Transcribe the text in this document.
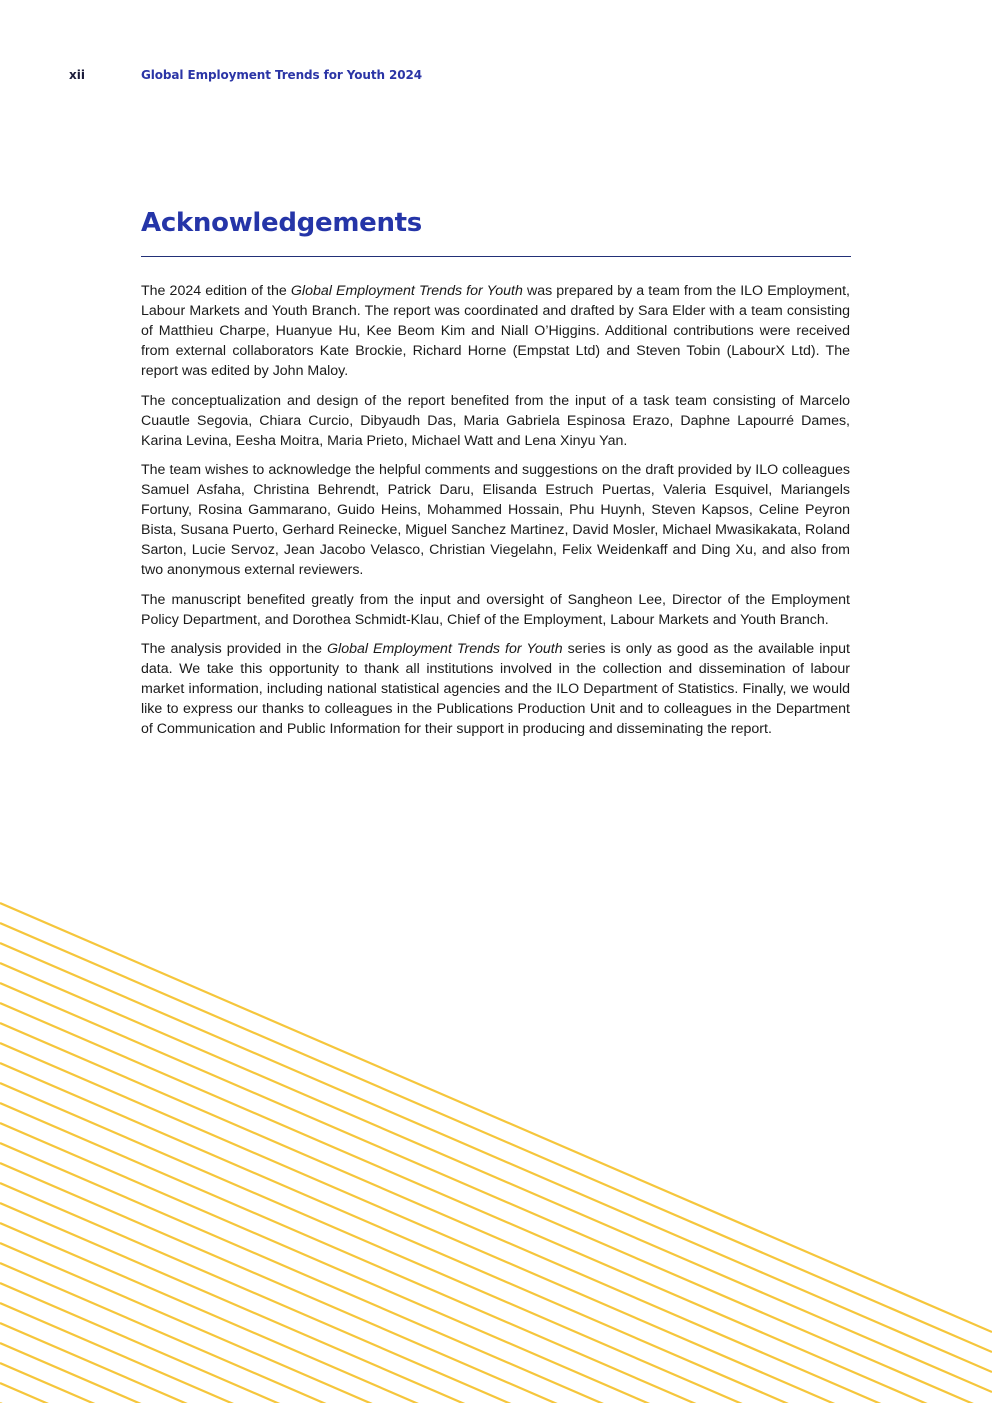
xii	Global Employment Trends for Youth 2024
Acknowledgements

The 2024 edition of the Global Employment Trends for Youth was prepared by a team from the ILO Employment, Labour Markets and Youth Branch. The report was coordinated and drafted by Sara Elder with a team consisting of Matthieu Charpe, Huanyue Hu, Kee Beom Kim and Niall O’Higgins. Additional contributions were received from external collaborators Kate Brockie, Richard Horne (Empstat Ltd) and Steven Tobin (LabourX Ltd). The report was edited by John Maloy.

The conceptualization and design of the report benefited from the input of a task team consisting of Marcelo Cuautle Segovia, Chiara Curcio, Dibyaudh Das, Maria Gabriela Espinosa Erazo, Daphne Lapourré Dames, Karina Levina, Eesha Moitra, Maria Prieto, Michael Watt and Lena Xinyu Yan.

The team wishes to acknowledge the helpful comments and suggestions on the draft provided by ILO colleagues Samuel Asfaha, Christina Behrendt, Patrick Daru, Elisanda Estruch Puertas, Valeria Esquivel, Mariangels Fortuny, Rosina Gammarano, Guido Heins, Mohammed Hossain, Phu Huynh, Steven Kapsos, Celine Peyron Bista, Susana Puerto, Gerhard Reinecke, Miguel Sanchez Martinez, David Mosler, Michael Mwasikakata, Roland Sarton, Lucie Servoz, Jean Jacobo Velasco, Christian Viegelahn, Felix Weidenkaff and Ding Xu, and also from two anonymous external reviewers.

The manuscript benefited greatly from the input and oversight of Sangheon Lee, Director of the Employment Policy Department, and Dorothea Schmidt-Klau, Chief of the Employment, Labour Markets and Youth Branch.

The analysis provided in the Global Employment Trends for Youth series is only as good as the available input data. We take this opportunity to thank all institutions involved in the collection and dissemination of labour market information, including national statistical agencies and the ILO Department of Statistics. Finally, we would like to express our thanks to colleagues in the Publications Production Unit and to colleagues in the Department of Communication and Public Information for their support in producing and disseminating the report.
